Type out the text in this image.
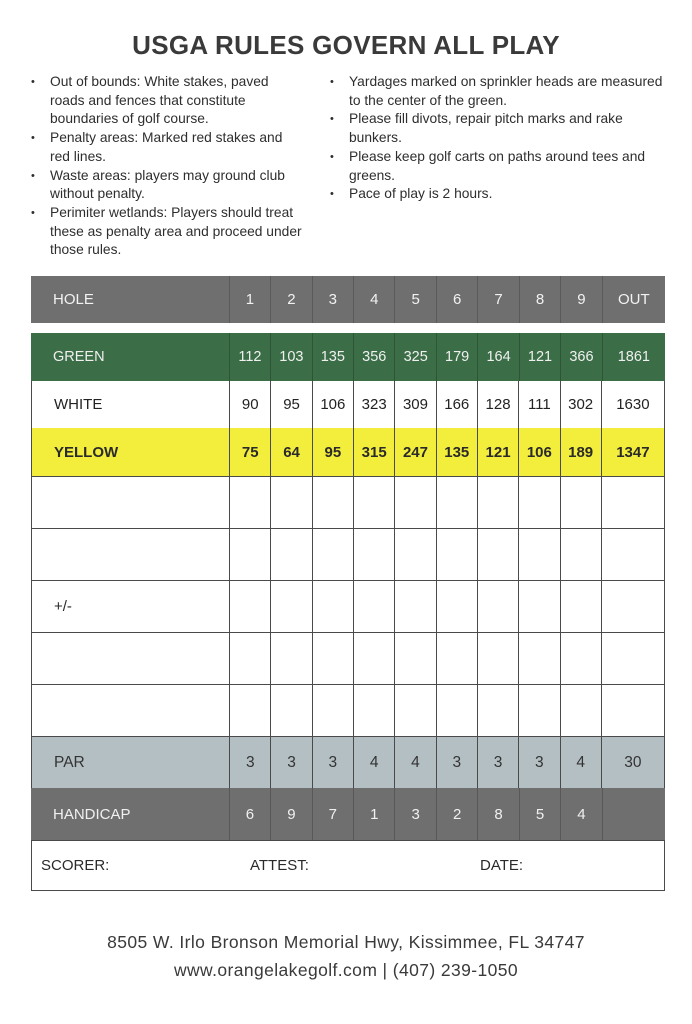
USGA RULES GOVERN ALL PLAY
• Out of bounds: White stakes, paved roads and fences that constitute boundaries of golf course.
• Penalty areas: Marked red stakes and red lines.
• Waste areas: players may ground club without penalty.
• Perimiter wetlands: Players should treat these as penalty area and proceed under those rules.
• Yardages marked on sprinkler heads are measured to the center of the green.
• Please fill divots, repair pitch marks and rake bunkers.
• Please keep golf carts on paths around tees and greens.
• Pace of play is 2 hours.
HOLE	1	2	3	4	5	6	7	8	9	OUT
GREEN	112	103	135	356	325	179	164	121	366	1861
WHITE	90	95	106	323	309	166	128	111	302	1630
YELLOW	75	64	95	315	247	135	121	106	189	1347
+/-
PAR	3	3	3	4	4	3	3	3	4	30
HANDICAP	6	9	7	1	3	2	8	5	4
SCORER:	ATTEST:	DATE:
8505 W. Irlo Bronson Memorial Hwy, Kissimmee, FL 34747
www.orangelakegolf.com | (407) 239-1050
